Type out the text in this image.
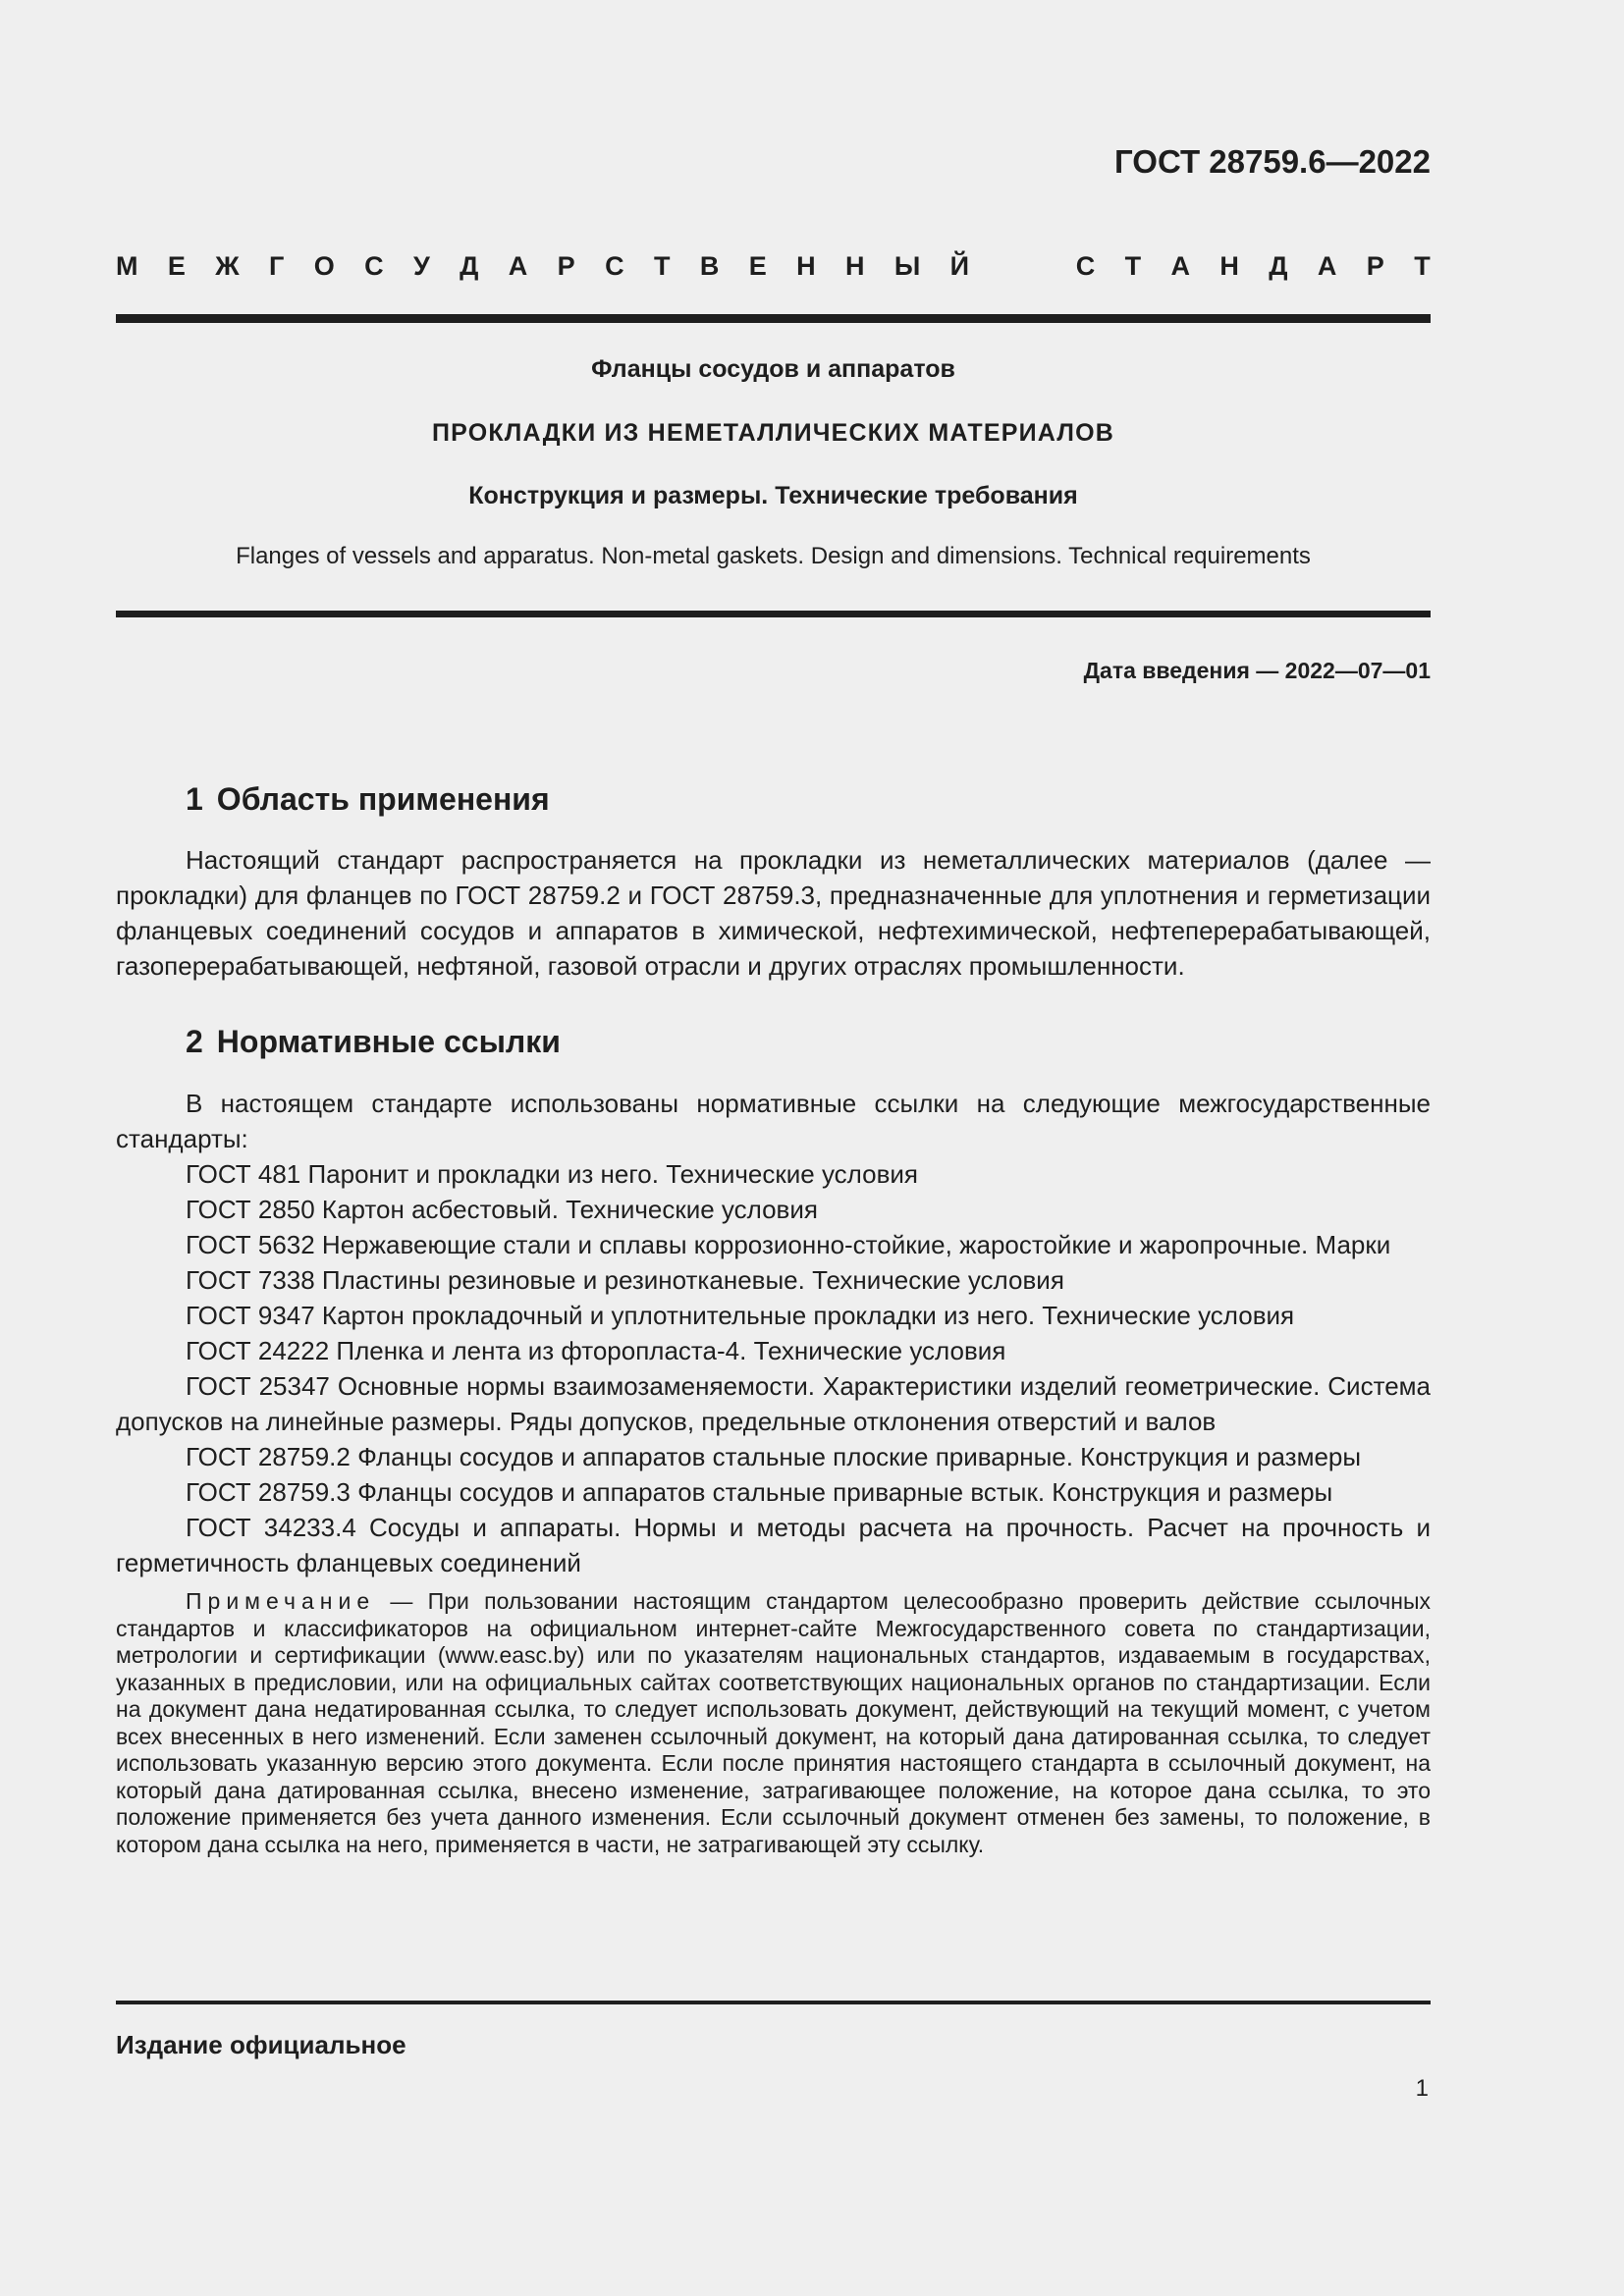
ГОСТ 28759.6—2022

М Е Ж Г О С У Д А Р С Т В Е Н Н Ы Й	С Т А Н Д А Р Т

Фланцы сосудов и аппаратов

ПРОКЛАДКИ ИЗ НЕМЕТАЛЛИЧЕСКИХ МАТЕРИАЛОВ

Конструкция и размеры. Технические требования

Flanges of vessels and apparatus. Non-metal gaskets. Design and dimensions. Technical requirements

Дата введения — 2022—07—01

1 Область применения

Настоящий стандарт распространяется на прокладки из неметаллических материалов (далее — прокладки) для фланцев по ГОСТ 28759.2 и ГОСТ 28759.3, предназначенные для уплотнения и герметизации фланцевых соединений сосудов и аппаратов в химической, нефтехимической, нефтеперерабатывающей, газоперерабатывающей, нефтяной, газовой отрасли и других отраслях промышленности.

2 Нормативные ссылки

В настоящем стандарте использованы нормативные ссылки на следующие межгосударственные стандарты:

ГОСТ 481 Паронит и прокладки из него. Технические условия

ГОСТ 2850 Картон асбестовый. Технические условия

ГОСТ 5632 Нержавеющие стали и сплавы коррозионно-стойкие, жаростойкие и жаропрочные. Марки

ГОСТ 7338 Пластины резиновые и резинотканевые. Технические условия

ГОСТ 9347 Картон прокладочный и уплотнительные прокладки из него. Технические условия

ГОСТ 24222 Пленка и лента из фторопласта-4. Технические условия

ГОСТ 25347 Основные нормы взаимозаменяемости. Характеристики изделий геометрические. Система допусков на линейные размеры. Ряды допусков, предельные отклонения отверстий и валов

ГОСТ 28759.2 Фланцы сосудов и аппаратов стальные плоские приварные. Конструкция и размеры

ГОСТ 28759.3 Фланцы сосудов и аппаратов стальные приварные встык. Конструкция и размеры

ГОСТ 34233.4 Сосуды и аппараты. Нормы и методы расчета на прочность. Расчет на прочность и герметичность фланцевых соединений

Примечание — При пользовании настоящим стандартом целесообразно проверить действие ссылочных стандартов и классификаторов на официальном интернет-сайте Межгосударственного совета по стандартизации, метрологии и сертификации (www.easc.by) или по указателям национальных стандартов, издаваемым в государствах, указанных в предисловии, или на официальных сайтах соответствующих национальных органов по стандартизации. Если на документ дана недатированная ссылка, то следует использовать документ, действующий на текущий момент, с учетом всех внесенных в него изменений. Если заменен ссылочный документ, на который дана датированная ссылка, то следует использовать указанную версию этого документа. Если после принятия настоящего стандарта в ссылочный документ, на который дана датированная ссылка, внесено изменение, затрагивающее положение, на которое дана ссылка, то это положение применяется без учета данного изменения. Если ссылочный документ отменен без замены, то положение, в котором дана ссылка на него, применяется в части, не затрагивающей эту ссылку.

Издание официальное

1
